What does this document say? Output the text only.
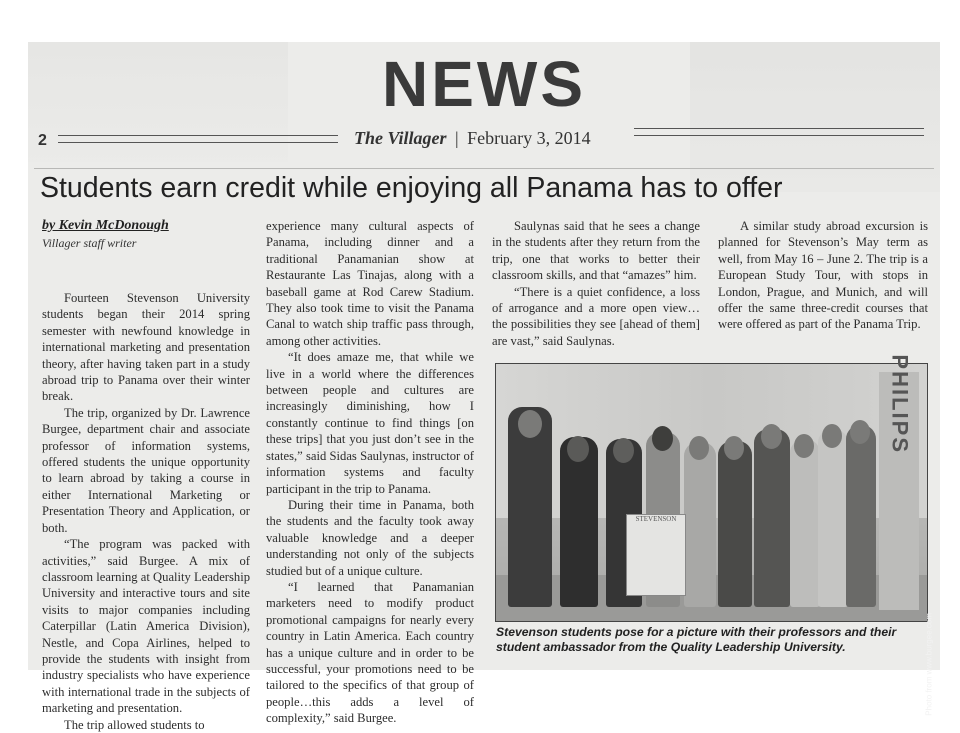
NEWS
2	The Villager | February 3, 2014
Students earn credit while enjoying all Panama has to offer
by Kevin McDonough
Villager staff writer

Fourteen Stevenson University students began their 2014 spring semester with newfound knowledge in international marketing and presentation theory, after having taken part in a study abroad trip to Panama over their winter break.

The trip, organized by Dr. Lawrence Burgee, department chair and associate professor of information systems, offered students the unique opportunity to learn abroad by taking a course in either International Marketing or Presentation Theory and Application, or both.

“The program was packed with activities,” said Burgee. A mix of classroom learning at Quality Leadership University and interactive tours and site visits to major companies including Caterpillar (Latin America Division), Nestle, and Copa Airlines, helped to provide the students with insight from industry specialists who have experience with international trade in the subjects of marketing and presentation.

The trip allowed students to

experience many cultural aspects of Panama, including dinner and a traditional Panamanian show at Restaurante Las Tinajas, along with a baseball game at Rod Carew Stadium. They also took time to visit the Panama Canal to watch ship traffic pass through, among other activities.

“It does amaze me, that while we live in a world where the differences between people and cultures are increasingly diminishing, how I constantly continue to find things [on these trips] that you just don’t see in the states,” said Sidas Saulynas, instructor of information systems and faculty participant in the trip to Panama.

During their time in Panama, both the students and the faculty took away valuable knowledge and a deeper understanding not only of the subjects studied but of a unique culture.

“I learned that Panamanian marketers need to modify product promotional campaigns for nearly every country in Latin America. Each country has a unique culture and in order to be successful, your promotions need to be tailored to the specifics of that group of people…this adds a level of complexity,” said Burgee.

Saulynas said that he sees a change in the students after they return from the trip, one that works to better their classroom skills, and that “amazes” him.

“There is a quiet confidence, a loss of arrogance and a more open view… the possibilities they see [ahead of them] are vast,” said Saulynas.

A similar study abroad excursion is planned for Stevenson’s May term as well, from May 16 – June 2. The trip is a European Study Tour, with stops in London, Prague, and Munich, and will offer the same three-credit courses that were offered as part of the Panama Trip.

PHILIPS
STEVENSON
Photo from www.burgee.com
Stevenson students pose for a picture with their professors and their student ambassador from the Quality Leadership University.
